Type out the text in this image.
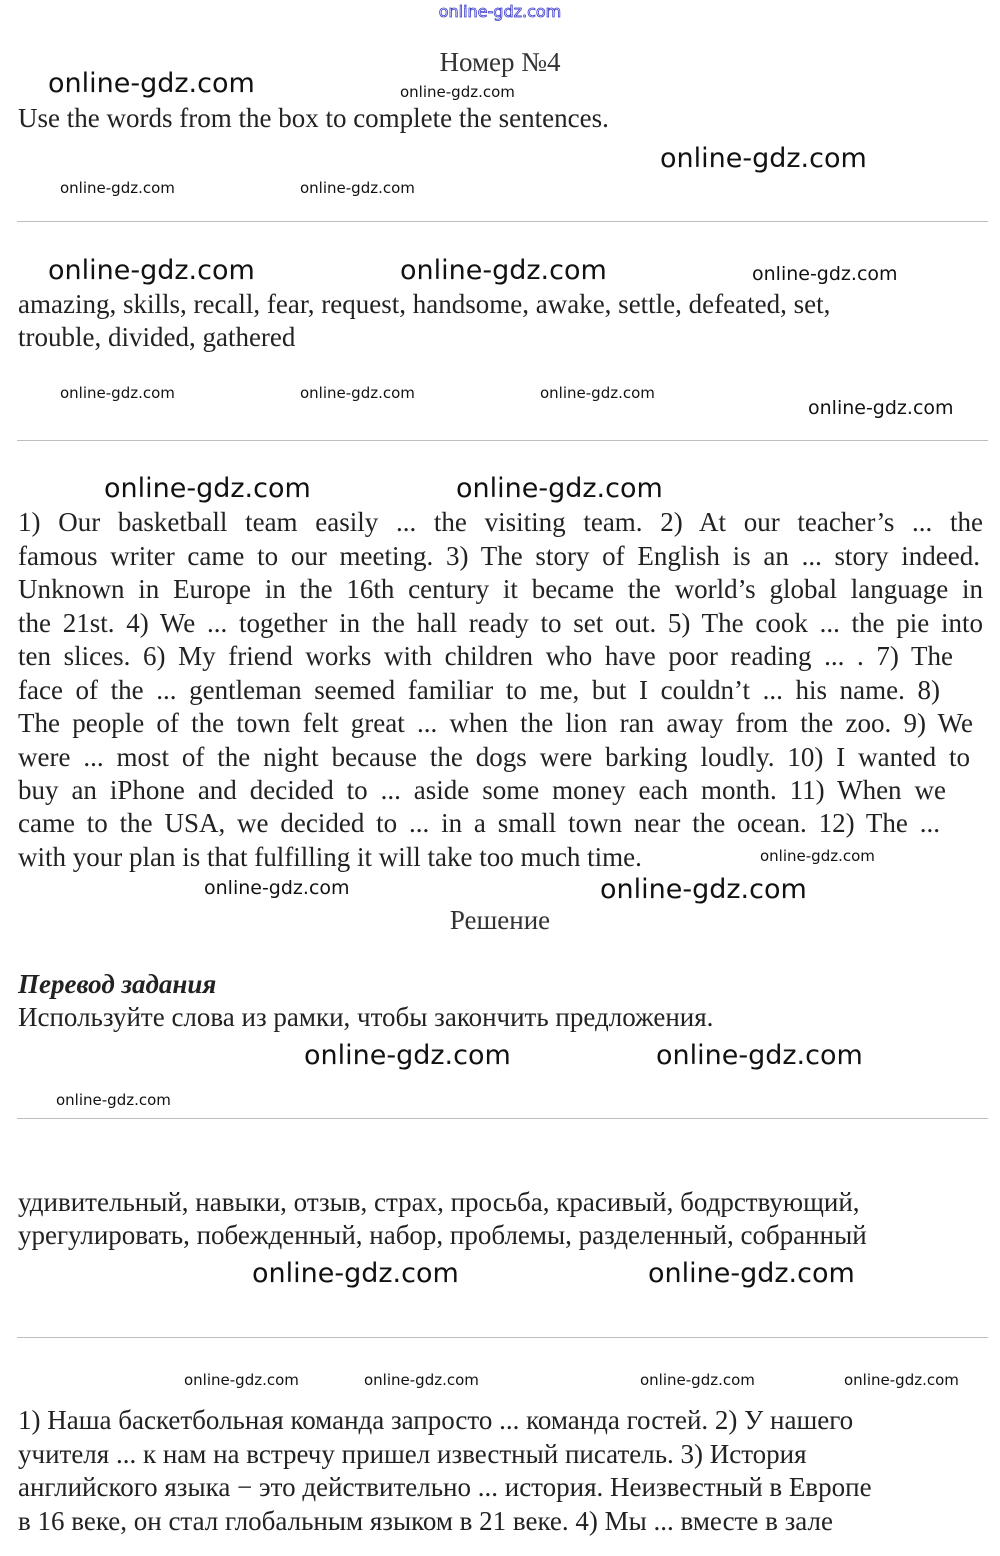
online-gdz.com
Номер №4
Use the words from the box to complete the sentences.
amazing, skills, recall, fear, request, handsome, awake, settle, defeated, set,
trouble, divided, gathered
1) Our basketball team easily ... the visiting team. 2) At our teacher’s ... the
famous writer came to our meeting. 3) The story of English is an ... story indeed.
Unknown in Europe in the 16th century it became the world’s global language in
the 21st. 4) We ... together in the hall ready to set out. 5) The cook ... the pie into
ten slices. 6) My friend works with children who have poor reading ... . 7) The
face of the ... gentleman seemed familiar to me, but I couldn’t ... his name. 8)
The people of the town felt great ... when the lion ran away from the zoo. 9) We
were ... most of the night because the dogs were barking loudly. 10) I wanted to
buy an iPhone and decided to ... aside some money each month. 11) When we
came to the USA, we decided to ... in a small town near the ocean. 12) The ...
with your plan is that fulfilling it will take too much time.
Решение
Перевод задания
Используйте слова из рамки, чтобы закончить предложения.
удивительный, навыки, отзыв, страх, просьба, красивый, бодрствующий,
урегулировать, побежденный, набор, проблемы, разделенный, собранный
1) Наша баскетбольная команда запросто ... команда гостей. 2) У нашего
учителя ... к нам на встречу пришел известный писатель. 3) История
английского языка − это действительно ... история. Неизвестный в Европе
в 16 веке, он стал глобальным языком в 21 веке. 4) Мы ... вместе в зале
online-gdz.com	online-gdz.com
online-gdz.com
online-gdz.com	online-gdz.com
online-gdz.com	online-gdz.com	online-gdz.com
online-gdz.com	online-gdz.com	online-gdz.com
online-gdz.com
online-gdz.com	online-gdz.com
online-gdz.com
online-gdz.com	online-gdz.com
online-gdz.com	online-gdz.com
online-gdz.com
online-gdz.com	online-gdz.com
online-gdz.com	online-gdz.com	online-gdz.com	online-gdz.com
